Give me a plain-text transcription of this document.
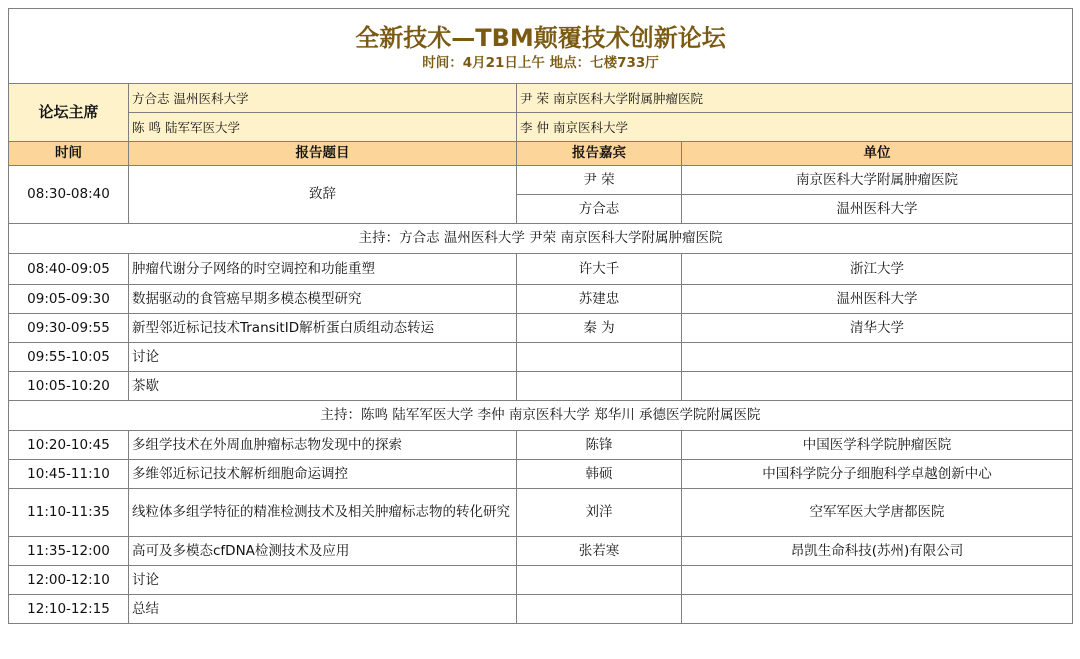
全新技术—TBM颠覆技术创新论坛
时间：4月21日上午 地点：七楼733厅			

论坛主席	方合志 温州医科大学	尹 荣 南京医科大学附属肿瘤医院	
	陈 鸣 陆军军医大学	李 仲 南京医科大学	
时间	报告题目	报告嘉宾	单位
08:30-08:40	致辞	尹 荣	南京医科大学附属肿瘤医院
		方合志	温州医科大学
主持：方合志 温州医科大学 尹荣 南京医科大学附属肿瘤医院			
08:40-09:05	肿瘤代谢分子网络的时空调控和功能重塑	许大千	浙江大学
09:05-09:30	数据驱动的食管癌早期多模态模型研究	苏建忠	温州医科大学
09:30-09:55	新型邻近标记技术TransitID解析蛋白质组动态转运	秦 为	清华大学
09:55-10:05	讨论		
10:05-10:20	茶歇		
主持：陈鸣 陆军军医大学 李仲 南京医科大学 郑华川 承德医学院附属医院			
10:20-10:45	多组学技术在外周血肿瘤标志物发现中的探索	陈锋	中国医学科学院肿瘤医院
10:45-11:10	多维邻近标记技术解析细胞命运调控	韩硕	中国科学院分子细胞科学卓越创新中心
11:10-11:35	线粒体多组学特征的精准检测技术及相关肿瘤标志物的转化研究	刘洋	空军军医大学唐都医院
11:35-12:00	高可及多模态cfDNA检测技术及应用	张若寒	昂凯生命科技(苏州)有限公司
12:00-12:10	讨论		
12:10-12:15	总结		
